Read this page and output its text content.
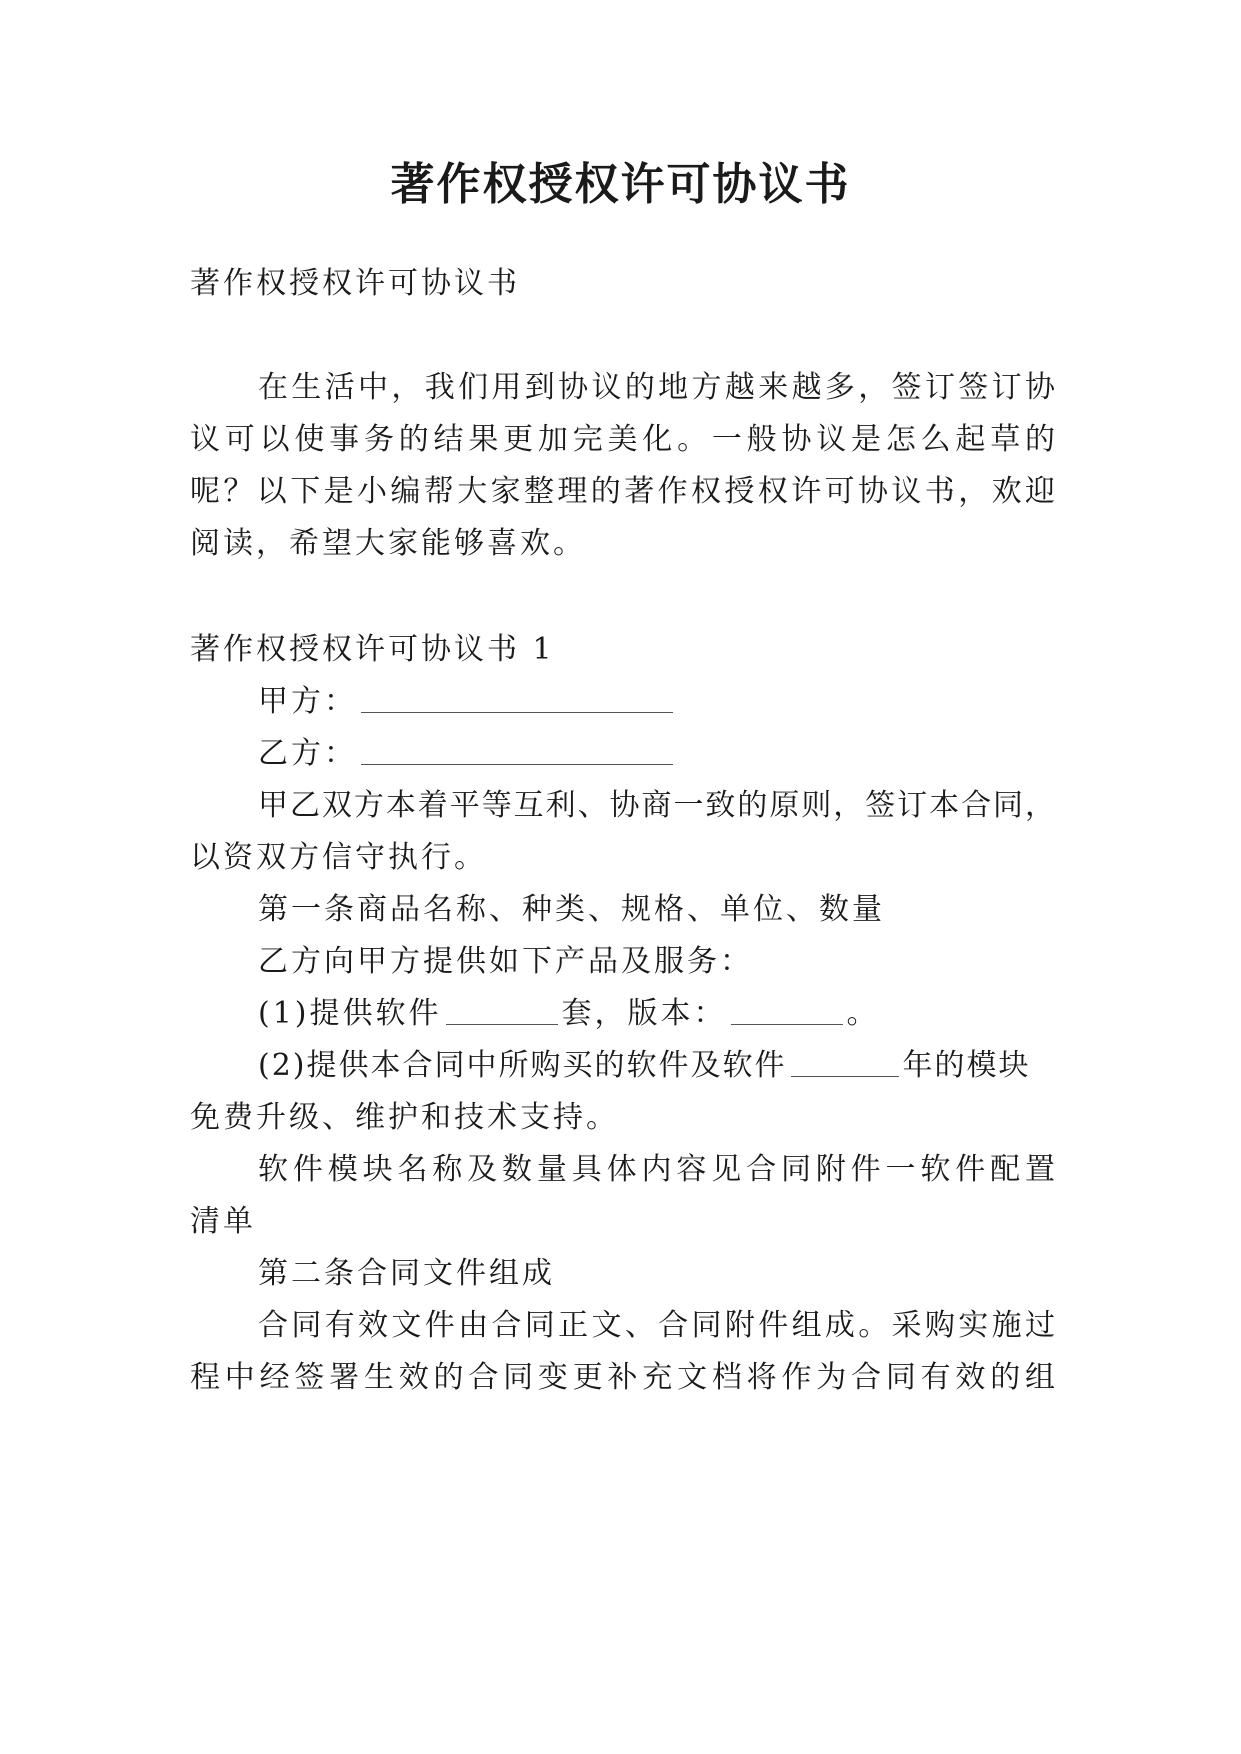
著作权授权许可协议书
著作权授权许可协议书
在生活中，我们用到协议的地方越来越多，签订签订协
议可以使事务的结果更加完美化。一般协议是怎么起草的
呢？以下是小编帮大家整理的著作权授权许可协议书，欢迎
阅读，希望大家能够喜欢。
著作权授权许可协议书 1
甲方：
乙方：
甲乙双方本着平等互利、协商一致的原则，签订本合同，
以资双方信守执行。
第一条商品名称、种类、规格、单位、数量
乙方向甲方提供如下产品及服务：
(1)提供软件	套，版本：	。
(2)提供本合同中所购买的软件及软件	年的模块
免费升级、维护和技术支持。
软件模块名称及数量具体内容见合同附件一软件配置
清单
第二条合同文件组成
合同有效文件由合同正文、合同附件组成。采购实施过
程中经签署生效的合同变更补充文档将作为合同有效的组
